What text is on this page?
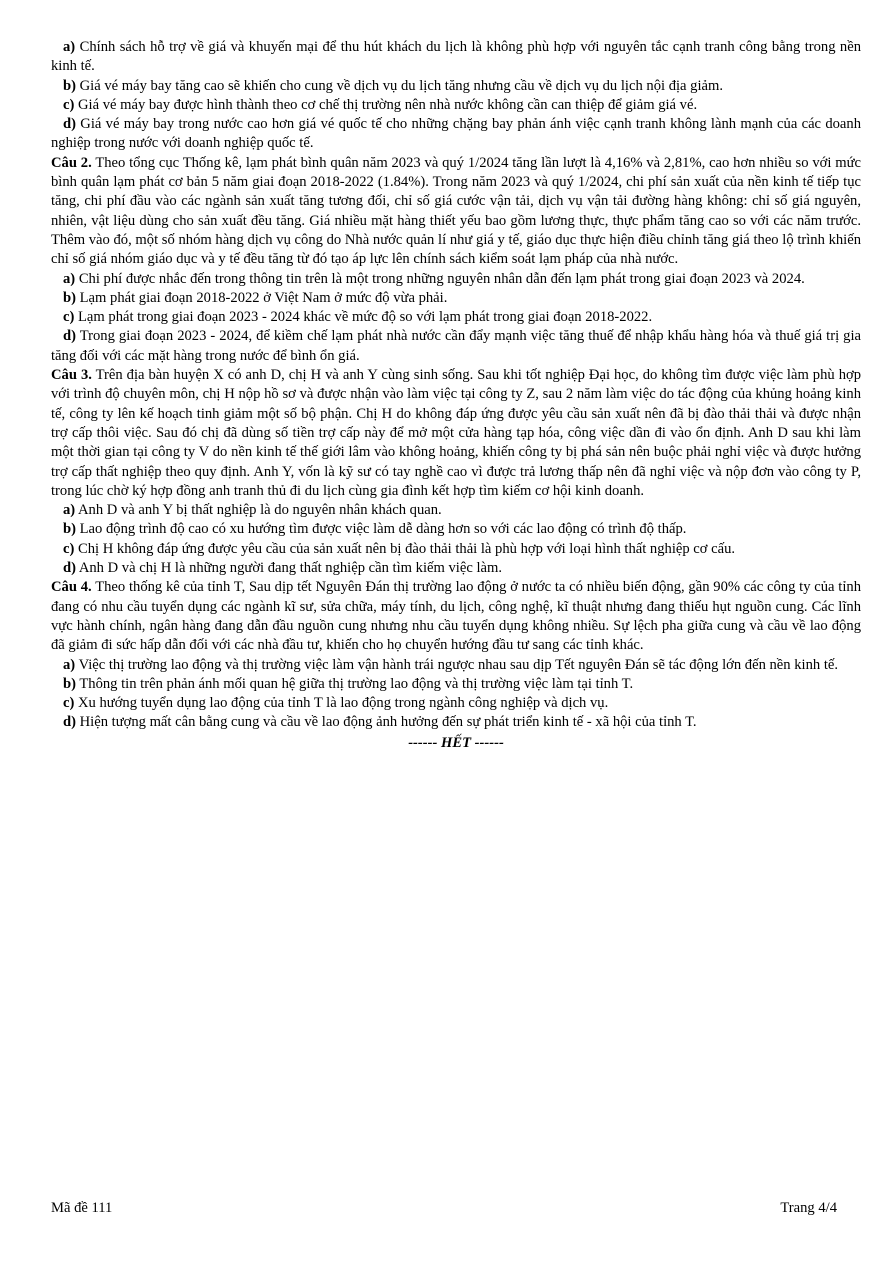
a) Chính sách hỗ trợ về giá và khuyến mại để thu hút khách du lịch là không phù hợp với nguyên tắc cạnh tranh công bằng trong nền kinh tế.

b) Giá vé máy bay tăng cao sẽ khiến cho cung về dịch vụ du lịch tăng nhưng cầu về dịch vụ du lịch nội địa giảm.

c) Giá vé máy bay được hình thành theo cơ chế thị trường nên nhà nước không cần can thiệp để giảm giá vé.

d) Giá vé máy bay trong nước cao hơn giá vé quốc tế cho những chặng bay phản ánh việc cạnh tranh không lành mạnh của các doanh nghiệp trong nước với doanh nghiệp quốc tế.

Câu 2. Theo tổng cục Thống kê, lạm phát bình quân năm 2023 và quý 1/2024 tăng lần lượt là 4,16% và 2,81%, cao hơn nhiều so với mức bình quân lạm phát cơ bản 5 năm giai đoạn 2018-2022 (1.84%). Trong năm 2023 và quý 1/2024, chi phí sản xuất của nền kinh tế tiếp tục tăng, chi phí đầu vào các ngành sản xuất tăng tương đối, chỉ số giá cước vận tải, dịch vụ vận tải đường hàng không: chỉ số giá nguyên, nhiên, vật liệu dùng cho sản xuất đều tăng. Giá nhiều mặt hàng thiết yếu bao gồm lương thực, thực phẩm tăng cao so với các năm trước. Thêm vào đó, một số nhóm hàng dịch vụ công do Nhà nước quản lí như giá y tế, giáo dục thực hiện điều chỉnh tăng giá theo lộ trình khiến chỉ số giá nhóm giáo dục và y tế đều tăng từ đó tạo áp lực lên chính sách kiểm soát lạm pháp của nhà nước.

a) Chi phí được nhắc đến trong thông tin trên là một trong những nguyên nhân dẫn đến lạm phát trong giai đoạn 2023 và 2024.

b) Lạm phát giai đoạn 2018-2022 ở Việt Nam ở mức độ vừa phải.

c) Lạm phát trong giai đoạn 2023 - 2024 khác về mức độ so với lạm phát trong giai đoạn 2018-2022.

d) Trong giai đoạn 2023 - 2024, để kiềm chế lạm phát nhà nước cần đẩy mạnh việc tăng thuế để nhập khẩu hàng hóa và thuế giá trị gia tăng đối với các mặt hàng trong nước để bình ổn giá.

Câu 3. Trên địa bàn huyện X có anh D, chị H và anh Y cùng sinh sống. Sau khi tốt nghiệp Đại học, do không tìm được việc làm phù hợp với trình độ chuyên môn, chị H nộp hồ sơ và được nhận vào làm việc tại công ty Z, sau 2 năm làm việc do tác động của khủng hoảng kinh tế, công ty lên kế hoạch tinh giảm một số bộ phận. Chị H do không đáp ứng được yêu cầu sản xuất nên đã bị đào thải thải và được nhận trợ cấp thôi việc. Sau đó chị đã dùng số tiền trợ cấp này để mở một cửa hàng tạp hóa, công việc dần đi vào ổn định. Anh D sau khi làm một thời gian tại công ty V do nền kinh tế thế giới lâm vào không hoảng, khiến công ty bị phá sản nên buộc phải nghỉ việc và được hưởng trợ cấp thất nghiệp theo quy định. Anh Y, vốn là kỹ sư có tay nghề cao vì được trả lương thấp nên đã nghỉ việc và nộp đơn vào công ty P, trong lúc chờ ký hợp đồng anh tranh thủ đi du lịch cùng gia đình kết hợp tìm kiếm cơ hội kinh doanh.

a) Anh D và anh Y bị thất nghiệp là do nguyên nhân khách quan.

b) Lao động trình độ cao có xu hướng tìm được việc làm dễ dàng hơn so với các lao động có trình độ thấp.

c) Chị H không đáp ứng được yêu cầu của sản xuất nên bị đào thải thải là phù hợp với loại hình thất nghiệp cơ cấu.

d) Anh D và chị H là những người đang thất nghiệp cần tìm kiếm việc làm.

Câu 4. Theo thống kê của tỉnh T, Sau dịp tết Nguyên Đán thị trường lao động ở nước ta có nhiều biến động, gần 90% các công ty của tỉnh đang có nhu cầu tuyển dụng các ngành kĩ sư, sửa chữa, máy tính, du lịch, công nghệ, kĩ thuật nhưng đang thiếu hụt nguồn cung. Các lĩnh vực hành chính, ngân hàng đang dẫn đầu nguồn cung nhưng nhu cầu tuyển dụng không nhiều. Sự lệch pha giữa cung và cầu về lao động đã giảm đi sức hấp dẫn đối với các nhà đầu tư, khiến cho họ chuyển hướng đầu tư sang các tỉnh khác.

a) Việc thị trường lao động và thị trường việc làm vận hành trái ngược nhau sau dịp Tết nguyên Đán sẽ tác động lớn đến nền kinh tế.

b) Thông tin trên phản ánh mối quan hệ giữa thị trường lao động và thị trường việc làm tại tỉnh T.

c) Xu hướng tuyển dụng lao động của tỉnh T là lao động trong ngành công nghiệp và dịch vụ.

d) Hiện tượng mất cân bằng cung và cầu về lao động ảnh hưởng đến sự phát triển kinh tế - xã hội của tỉnh T.

------ HẾT ------

Mã đề 111	Trang 4/4
